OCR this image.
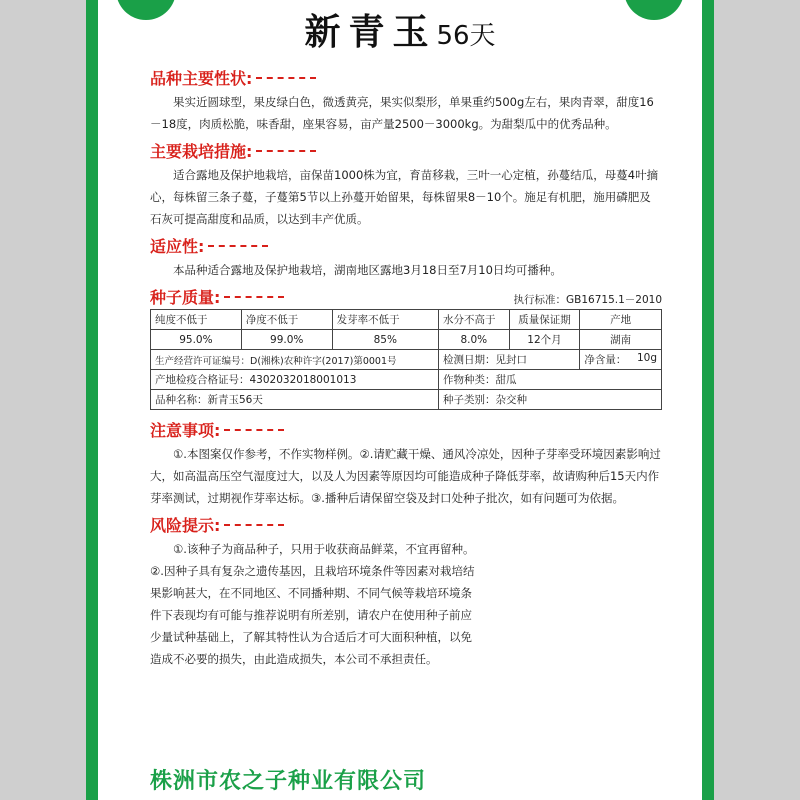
新青玉56天
品种主要性状:

果实近圆球型，果皮绿白色，微透黄亮，果实似梨形，单果重约500g左右，果肉青翠，甜度16－18度，肉质松脆，味香甜，座果容易，亩产量2500－3000kg。为甜梨瓜中的优秀品种。

主要栽培措施:

适合露地及保护地栽培，亩保苗1000株为宜，育苗移栽，三叶一心定植，孙蔓结瓜，母蔓4叶摘心，每株留三条子蔓，子蔓第5节以上孙蔓开始留果，每株留果8－10个。施足有机肥，施用磷肥及石灰可提高甜度和品质，以达到丰产优质。

适应性:

本品种适合露地及保护地栽培，湖南地区露地3月18日至7月10日均可播种。

种子质量:	执行标准：GB16715.1－2010
纯度不低于	净度不低于	发芽率不低于	水分不高于	质量保证期	产地
95.0%	99.0%	85%	8.0%	12个月	湖南
生产经营许可证编号：D(湘株)农种许字(2017)第0001号			检测日期：见封口		净含量： 10g

产地检疫合格证号：4302032018001013			作物种类：甜瓜		
品种名称：新青玉56天			种子类别：杂交种		
注意事项:

①.本图案仅作参考，不作实物样例。②.请贮藏干燥、通风冷凉处，因种子芽率受环境因素影响过大，如高温高压空气湿度过大，以及人为因素等原因均可能造成种子降低芽率，故请购种后15天内作芽率测试，过期视作芽率达标。③.播种后请保留空袋及封口处种子批次，如有问题可为依据。

风险提示:

①.该种子为商品种子，只用于收获商品鲜菜，不宜再留种。②.因种子具有复杂之遗传基因，且栽培环境条件等因素对栽培结果影响甚大，在不同地区、不同播种期、不同气候等栽培环境条件下表现均有可能与推荐说明有所差别，请农户在使用种子前应少量试种基础上，了解其特性认为合适后才可大面积种植，以免造成不必要的损失，由此造成损失，本公司不承担责任。

株洲市农之子种业有限公司
